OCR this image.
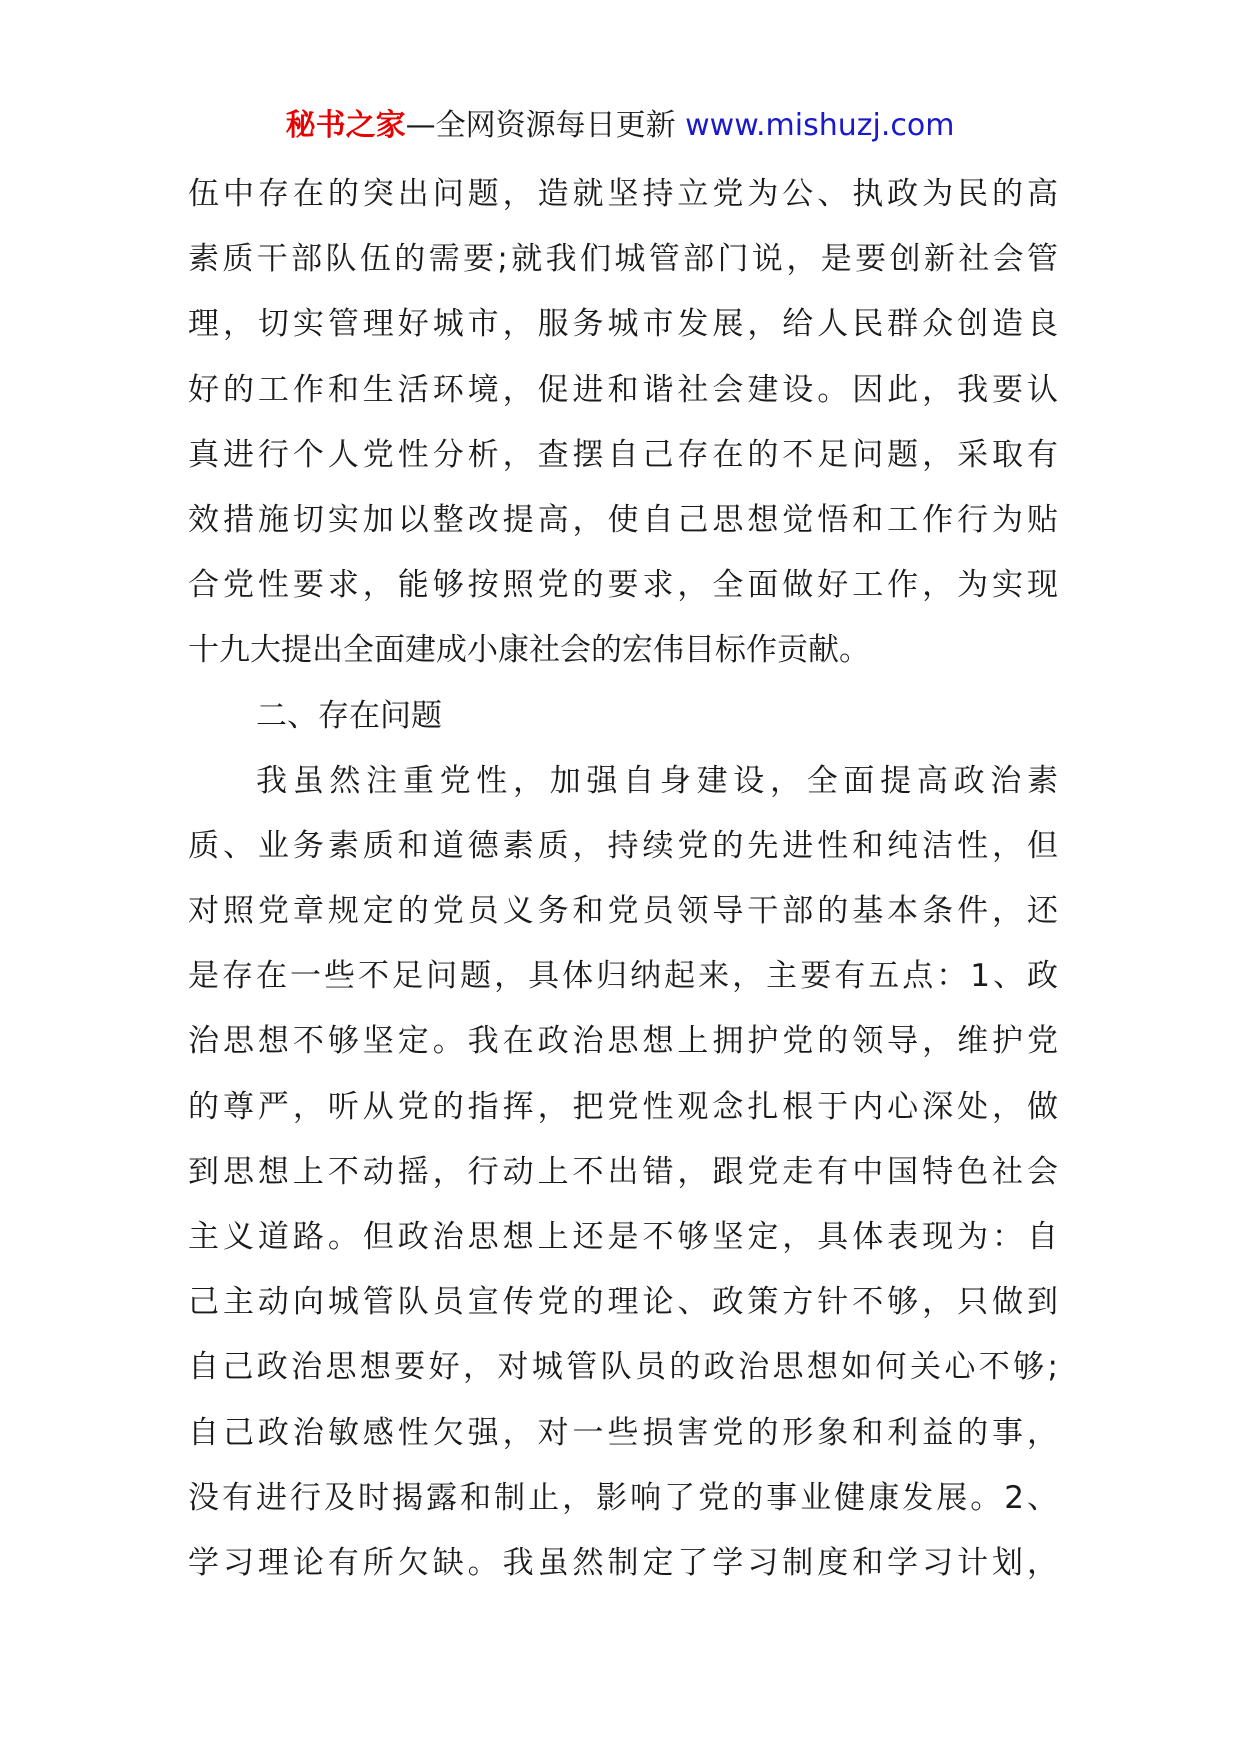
秘书之家—全网资源每日更新 www.mishuzj.com
伍中存在的突出问题，造就坚持立党为公、执政为民的高
素质干部队伍的需要;就我们城管部门说，是要创新社会管
理，切实管理好城市，服务城市发展，给人民群众创造良
好的工作和生活环境，促进和谐社会建设。因此，我要认
真进行个人党性分析，查摆自己存在的不足问题，采取有
效措施切实加以整改提高，使自己思想觉悟和工作行为贴
合党性要求，能够按照党的要求，全面做好工作，为实现
十九大提出全面建成小康社会的宏伟目标作贡献。
二、存在问题
我虽然注重党性，加强自身建设，全面提高政治素
质、业务素质和道德素质，持续党的先进性和纯洁性，但
对照党章规定的党员义务和党员领导干部的基本条件，还
是存在一些不足问题，具体归纳起来，主要有五点：1、政
治思想不够坚定。我在政治思想上拥护党的领导，维护党
的尊严，听从党的指挥，把党性观念扎根于内心深处，做
到思想上不动摇，行动上不出错，跟党走有中国特色社会
主义道路。但政治思想上还是不够坚定，具体表现为：自
己主动向城管队员宣传党的理论、政策方针不够，只做到
自己政治思想要好，对城管队员的政治思想如何关心不够;
自己政治敏感性欠强，对一些损害党的形象和利益的事，
没有进行及时揭露和制止，影响了党的事业健康发展。2、
学习理论有所欠缺。我虽然制定了学习制度和学习计划，
